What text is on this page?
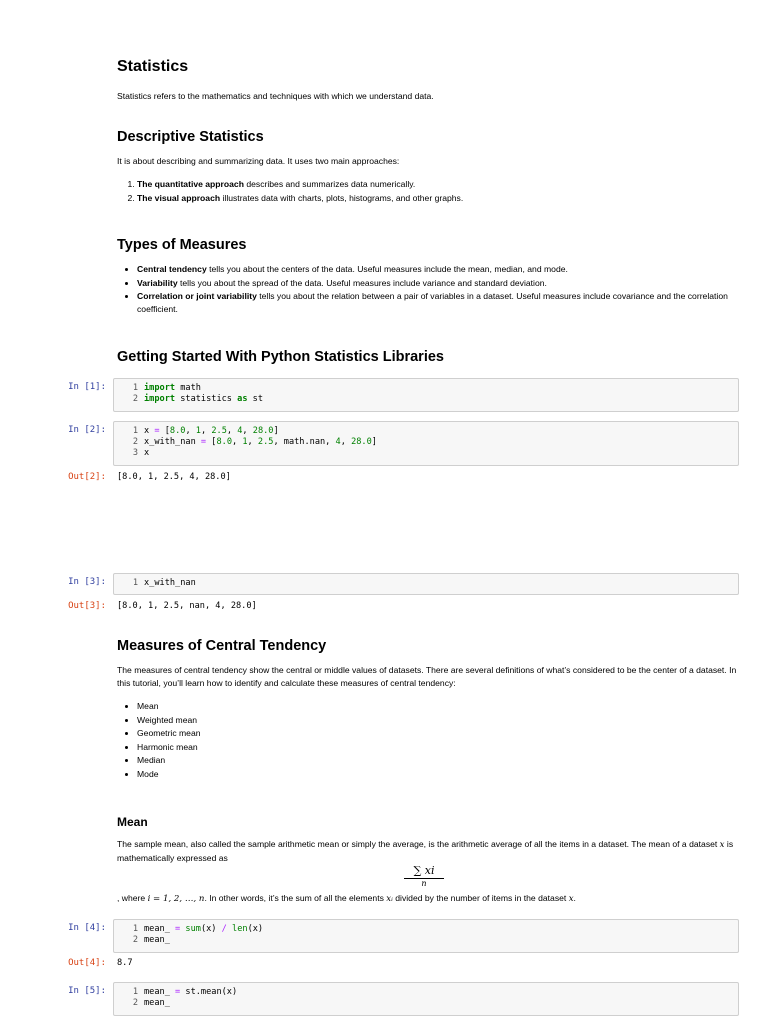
Statistics

Statistics refers to the mathematics and techniques with which we understand data.

Descriptive Statistics

It is about describing and summarizing data. It uses two main approaches:

1. The quantitative approach describes and summarizes data numerically.
2. The visual approach illustrates data with charts, plots, histograms, and other graphs.
Types of Measures
• Central tendency tells you about the centers of the data. Useful measures include the mean, median, and mode.
• Variability tells you about the spread of the data. Useful measures include variance and standard deviation.
• Correlation or joint variability tells you about the relation between a pair of variables in a dataset. Useful measures include covariance and the correlation coefficient.
Getting Started With Python Statistics Libraries
In [1]:	1 import math
2 import statistics as st
In [2]:	1 x = [8.0, 1, 2.5, 4, 28.0]
2 x_with_nan = [8.0, 1, 2.5, math.nan, 4, 28.0]
3 x
Out[2]: [8.0, 1, 2.5, 4, 28.0]
In [3]:	1 x_with_nan
Out[3]: [8.0, 1, 2.5, nan, 4, 28.0]
Measures of Central Tendency

The measures of central tendency show the central or middle values of datasets. There are several definitions of what’s considered to be the center of a dataset. In this tutorial, you’ll learn how to identify and calculate these measures of central tendency:

• Mean
• Weighted mean
• Geometric mean
• Harmonic mean
• Median
• Mode
Mean

The sample mean, also called the sample arithmetic mean or simply the average, is the arithmetic average of all the items in a dataset. The mean of a dataset x is mathematically expressed as

∑ xi
n

, where i = 1, 2, …, n. In other words, it’s the sum of all the elements xᵢ divided by the number of items in the dataset x.

In [4]:	1 mean_ = sum(x) / len(x)
2 mean_
Out[4]: 8.7
In [5]:	1 mean_ = st.mean(x)
2 mean_
